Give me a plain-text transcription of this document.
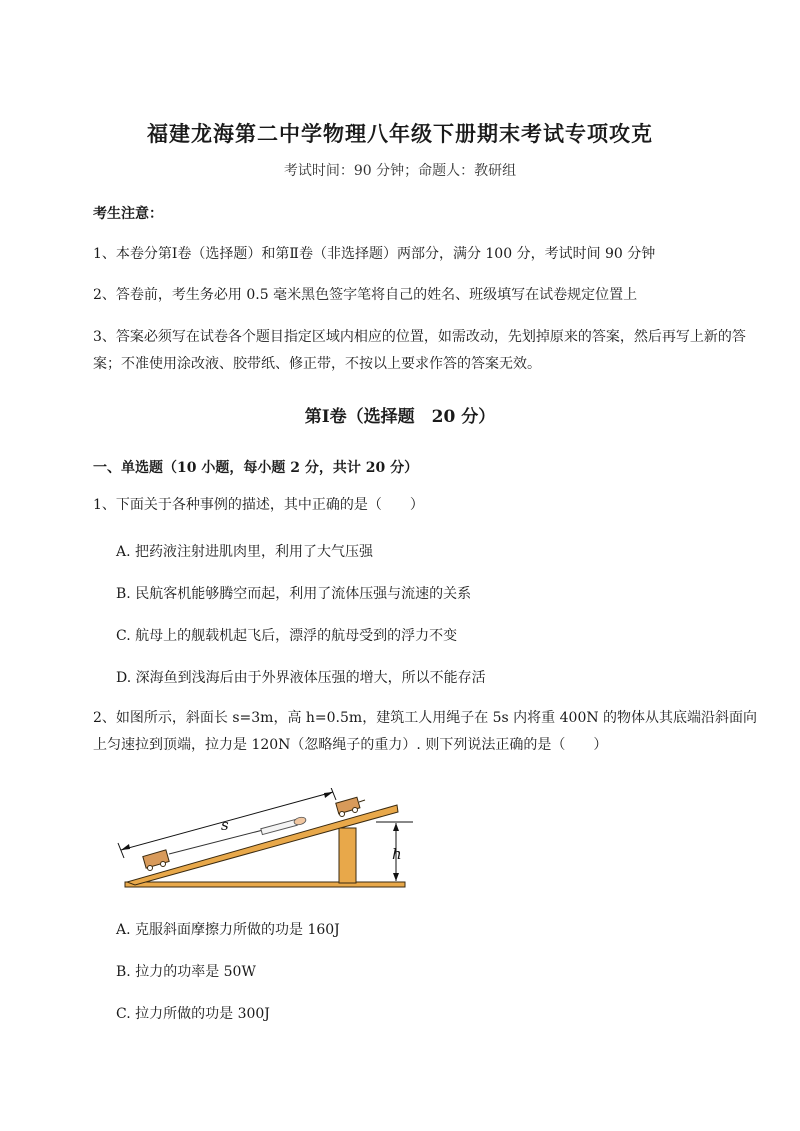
福建龙海第二中学物理八年级下册期末考试专项攻克
考试时间：90 分钟；命题人：教研组
考生注意：
1、本卷分第Ⅰ卷（选择题）和第Ⅱ卷（非选择题）两部分，满分 100 分，考试时间 90 分钟
2、答卷前，考生务必用 0.5 毫米黑色签字笔将自己的姓名、班级填写在试卷规定位置上
3、答案必须写在试卷各个题目指定区域内相应的位置，如需改动，先划掉原来的答案，然后再写上新的答案；不准使用涂改液、胶带纸、修正带，不按以上要求作答的答案无效。
第Ⅰ卷（选择题　20 分）
一、单选题（10 小题，每小题 2 分，共计 20 分）
1、下面关于各种事例的描述，其中正确的是（　　）
A. 把药液注射进肌肉里，利用了大气压强
B. 民航客机能够腾空而起，利用了流体压强与流速的关系
C. 航母上的舰载机起飞后，漂浮的航母受到的浮力不变
D. 深海鱼到浅海后由于外界液体压强的增大，所以不能存活
2、如图所示，斜面长 s=3m，高 h=0.5m，建筑工人用绳子在 5s 内将重 400N 的物体从其底端沿斜面向上匀速拉到顶端，拉力是 120N（忽略绳子的重力）. 则下列说法正确的是（　　）
s
h
A. 克服斜面摩擦力所做的功是 160J
B. 拉力的功率是 50W
C. 拉力所做的功是 300J
